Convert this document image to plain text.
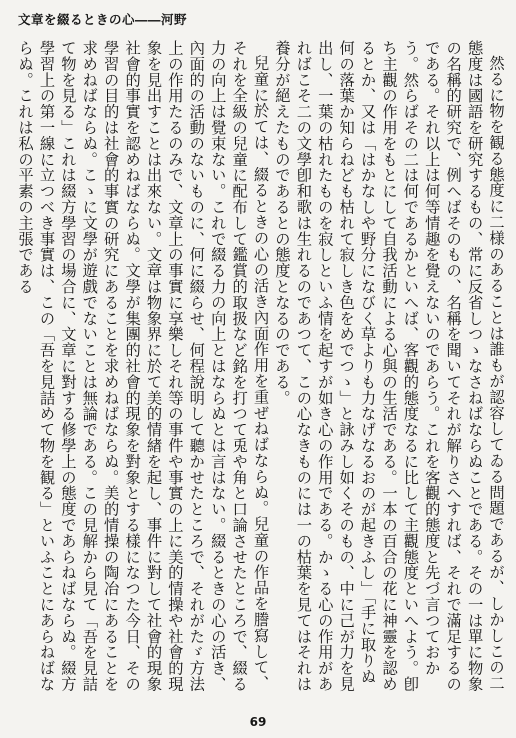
文章を綴るときの心――河野

然るに物を観る態度に二様のあることは誰もが認容してゐる問題であるが、しかしこの二態度は國語を研究するもの、常に反省しつゝなさねばならぬことである。その一は單に物象の名稱的研究で、例へばそのもの、名稱を聞いてそれが解りさへすれば、それで滿足するのである。それ以上は何等情趣を覺えないのであらう。これを客觀的態度と先づ言つておかう。然らばその二は何であるかといへば、客觀的態度なるに比して主觀態度といへよう。卽ち主觀の作用をもとにして自我活動による心與の生活である。一本の百合の花に神靈を認めるとか、又は「はかなしや野分になびく草よりも力なげなるおのが起きふし」「手に取りぬ何の落葉か知らねども枯れて寂しき色をめでつゝ」と詠みし如くそのもの、中に己が力を見出し、一葉の枯れたものを寂しといふ情を起すが如き心の作用である。かゝる心の作用があればこそ二の文學卽和歌は生れるのであつて、この心なきものには一の枯葉を見てはそれは養分が絕えたものであるとの態度となるのである。

兒童に於ては、綴るときの心の活き內面作用を重ぜねばならぬ。兒童の作品を謄寫して、それを全級の兒童に配布して鑑賞的取扱など銘を打つて兎や角と口論させたところで、綴る力の向上は覺束ない。これで綴る力の向上とはならぬとは言はない。綴るときの心の活き、內面的の活動のないものに、何に綴らせ、何程說明して聽かせたところで、それがたゞ方法上の作用たるのみで、文章上の事實に享樂しそれ等の事件や事實の上に美的情操や社會的現象を見出すことは出來ない。文章は物象界に於て美的情緖を起し、事件に對して社會的現象社會的事實を認めねばならぬ。文學が集團的社會的現象を對象とする樣になつた今日、その學習の目的は社會的事實の研究にあることを求めねばならぬ。美的情操の陶冶にあることを求めねばならぬ。こゝに文學が遊戲でないことは無論である。この見解から見て「吾を見詰て物を見る」これは綴方學習の場合に、文章に對する修學上の態度であらねばならぬ。綴方學習上の第一線に立つべき事實は、この「吾を見詰めて物を観る」といふことにあらねばならぬ。これは私の平素の主張である

69
